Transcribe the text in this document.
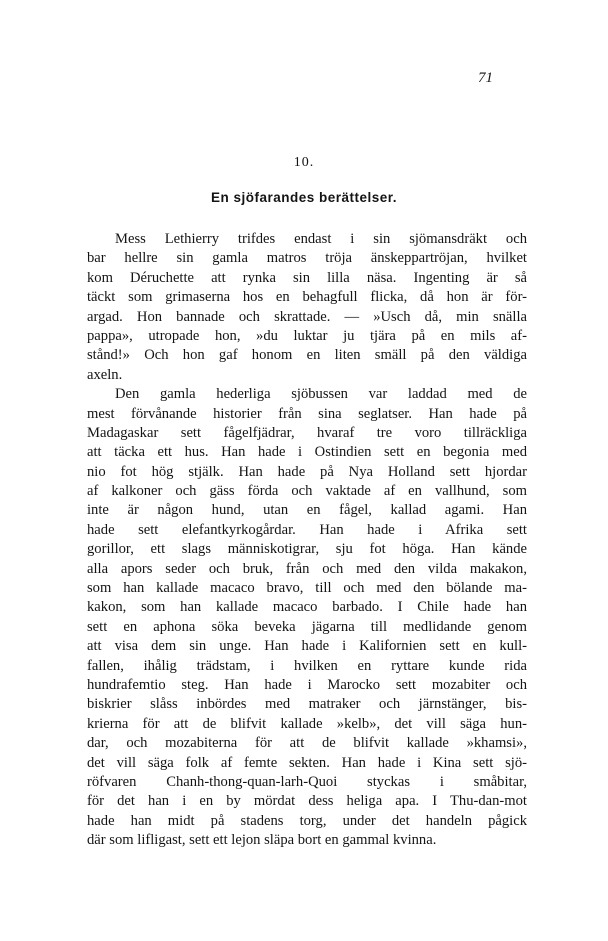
71
10.
En sjöfarandes berättelser.
Mess Lethierry trifdes endast i sin sjömansdräkt och
bar hellre sin gamla matros tröja änskeppartröjan, hvilket
kom Déruchette att rynka sin lilla näsa. Ingenting är så
täckt som grimaserna hos en behagfull flicka, då hon är för-
argad. Hon bannade och skrattade. — »Usch då, min snälla
pappa», utropade hon, »du luktar ju tjära på en mils af-
stånd!» Och hon gaf honom en liten smäll på den väldiga
axeln.
Den gamla hederliga sjöbussen var laddad med de
mest förvånande historier från sina seglatser. Han hade på
Madagaskar sett fågelfjädrar, hvaraf tre voro tillräckliga
att täcka ett hus. Han hade i Ostindien sett en begonia med
nio fot hög stjälk. Han hade på Nya Holland sett hjordar
af kalkoner och gäss förda och vaktade af en vallhund, som
inte är någon hund, utan en fågel, kallad agami. Han
hade sett elefantkyrkogårdar. Han hade i Afrika sett
gorillor, ett slags människotigrar, sju fot höga. Han kände
alla apors seder och bruk, från och med den vilda makakon,
som han kallade macaco bravo, till och med den bölande ma-
kakon, som han kallade macaco barbado. I Chile hade han
sett en aphona söka beveka jägarna till medlidande genom
att visa dem sin unge. Han hade i Kalifornien sett en kull-
fallen, ihålig trädstam, i hvilken en ryttare kunde rida
hundrafemtio steg. Han hade i Marocko sett mozabiter och
biskrier slåss inbördes med matraker och järnstänger, bis-
krierna för att de blifvit kallade »kelb», det vill säga hun-
dar, och mozabiterna för att de blifvit kallade »khamsi»,
det vill säga folk af femte sekten. Han hade i Kina sett sjö-
röfvaren Chanh-thong-quan-larh-Quoi styckas i småbitar,
för det han i en by mördat dess heliga apa. I Thu-dan-mot
hade han midt på stadens torg, under det handeln pågick
där som lifligast, sett ett lejon släpa bort en gammal kvinna.
